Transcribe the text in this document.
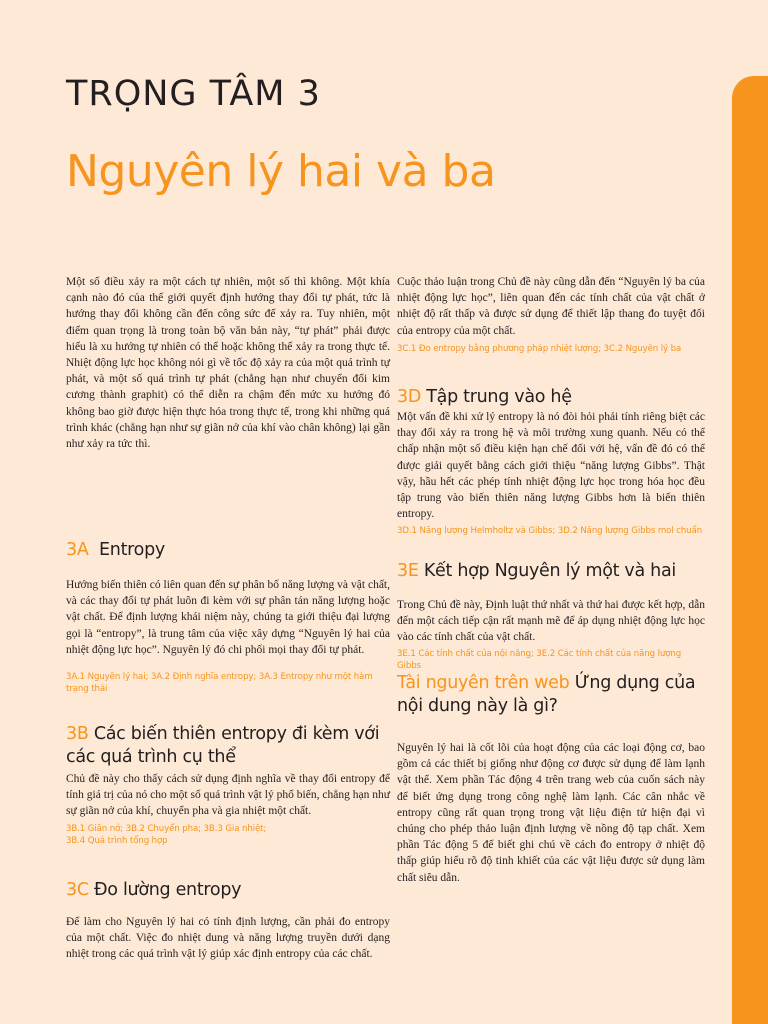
TRỌNG TÂM 3
Nguyên lý hai và ba

Một số điều xảy ra một cách tự nhiên, một số thì không. Một khía cạnh nào đó của thế giới quyết định hướng thay đổi tự phát, tức là hướng thay đổi không cần đến công sức để xảy ra. Tuy nhiên, một điểm quan trọng là trong toàn bộ văn bản này, “tự phát” phải được hiểu là xu hướng tự nhiên có thể hoặc không thể xảy ra trong thực tế. Nhiệt động lực học không nói gì về tốc độ xảy ra của một quá trình tự phát, và một số quá trình tự phát (chẳng hạn như chuyển đổi kim cương thành graphit) có thể diễn ra chậm đến mức xu hướng đó không bao giờ được hiện thực hóa trong thực tế, trong khi những quá trình khác (chẳng hạn như sự giãn nở của khí vào chân không) lại gần như xảy ra tức thì.

3A Entropy

Hướng biến thiên có liên quan đến sự phân bố năng lượng và vật chất, và các thay đổi tự phát luôn đi kèm với sự phân tán năng lượng hoặc vật chất. Để định lượng khái niệm này, chúng ta giới thiệu đại lượng gọi là “entropy”, là trung tâm của việc xây dựng “Nguyên lý hai của nhiệt động lực học”. Nguyên lý đó chi phối mọi thay đổi tự phát.

3A.1 Nguyên lý hai; 3A.2 Định nghĩa entropy; 3A.3 Entropy như một hàm trạng thái

3B Các biến thiên entropy đi kèm với các quá trình cụ thể

Chủ đề này cho thấy cách sử dụng định nghĩa về thay đổi entropy để tính giá trị của nó cho một số quá trình vật lý phổ biến, chẳng hạn như sự giãn nở của khí, chuyển pha và gia nhiệt một chất.

3B.1 Giãn nở; 3B.2 Chuyển pha; 3B.3 Gia nhiệt;

3B.4 Quá trình tổng hợp

3C Đo lường entropy

Để làm cho Nguyên lý hai có tính định lượng, cần phải đo entropy của một chất. Việc đo nhiệt dung và năng lượng truyền dưới dạng nhiệt trong các quá trình vật lý giúp xác định entropy của các chất.

Cuộc thảo luận trong Chủ đề này cũng dẫn đến “Nguyên lý ba của nhiệt động lực học”, liên quan đến các tính chất của vật chất ở nhiệt độ rất thấp và được sử dụng để thiết lập thang đo tuyệt đối của entropy của một chất.

3C.1 Đo entropy bằng phương pháp nhiệt lượng; 3C.2 Nguyên lý ba

3D Tập trung vào hệ

Một vấn đề khi xử lý entropy là nó đòi hỏi phải tính riêng biệt các thay đổi xảy ra trong hệ và môi trường xung quanh. Nếu có thể chấp nhận một số điều kiện hạn chế đối với hệ, vấn đề đó có thể được giải quyết bằng cách giới thiệu “năng lượng Gibbs”. Thật vậy, hầu hết các phép tính nhiệt động lực học trong hóa học đều tập trung vào biến thiên năng lượng Gibbs hơn là biến thiên entropy.

3D.1 Năng lượng Helmholtz và Gibbs; 3D.2 Năng lượng Gibbs mol chuẩn

3E Kết hợp Nguyên lý một và hai

Trong Chủ đề này, Định luật thứ nhất và thứ hai được kết hợp, dẫn đến một cách tiếp cận rất mạnh mẽ để áp dụng nhiệt động lực học vào các tính chất của vật chất.

3E.1 Các tính chất của nội năng; 3E.2 Các tính chất của năng lượng Gibbs

Tài nguyên trên web Ứng dụng của nội dung này là gì?

Nguyên lý hai là cốt lõi của hoạt động của các loại động cơ, bao gồm cả các thiết bị giống như động cơ được sử dụng để làm lạnh vật thể. Xem phần Tác động 4 trên trang web của cuốn sách này để biết ứng dụng trong công nghệ làm lạnh. Các cân nhắc về entropy cũng rất quan trọng trong vật liệu điện tử hiện đại vì chúng cho phép thảo luận định lượng về nồng độ tạp chất. Xem phần Tác động 5 để biết ghi chú về cách đo entropy ở nhiệt độ thấp giúp hiểu rõ độ tinh khiết của các vật liệu được sử dụng làm chất siêu dẫn.
